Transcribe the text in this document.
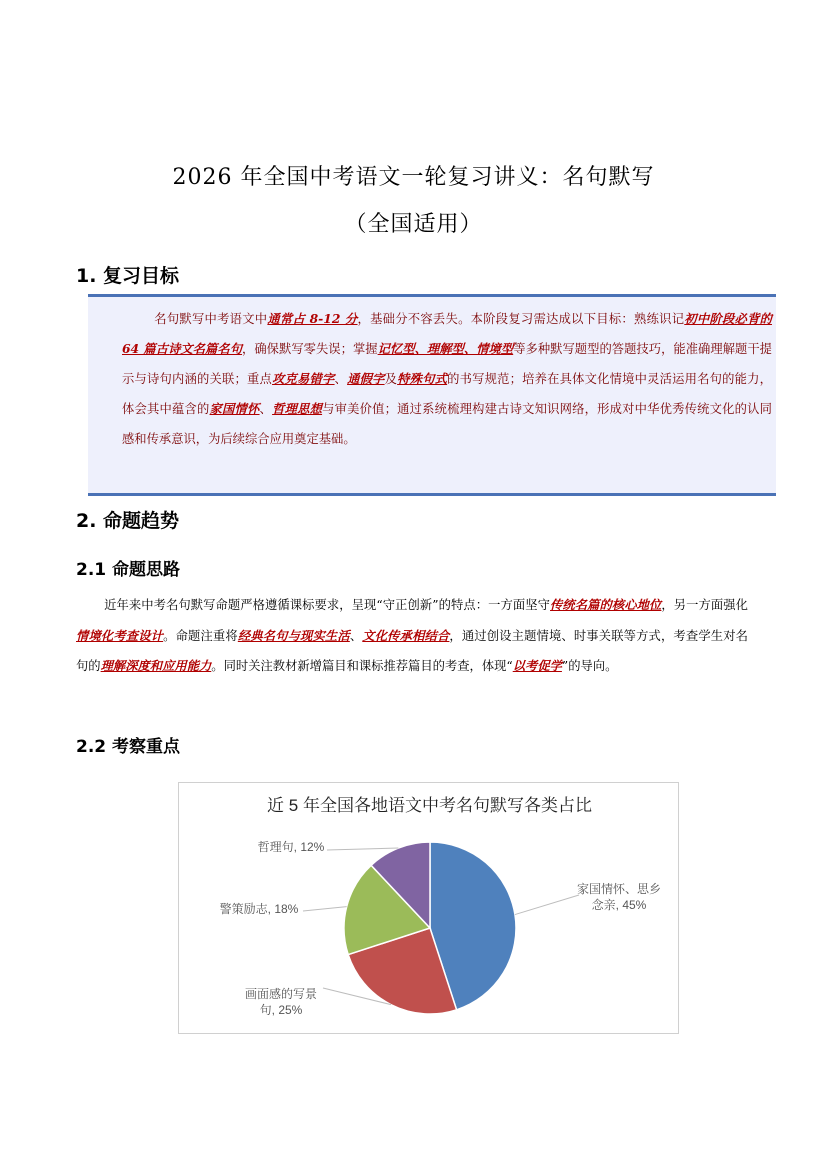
2026 年全国中考语文一轮复习讲义：名句默写
（全国适用）
1. 复习目标
名句默写中考语文中通常占 8-12 分，基础分不容丢失。本阶段复习需达成以下目标：熟练识记初中阶段必背的 64 篇古诗文名篇名句，确保默写零失误；掌握记忆型、理解型、情境型等多种默写题型的答题技巧，能准确理解题干提示与诗句内涵的关联；重点攻克易错字、通假字及特殊句式的书写规范；培养在具体文化情境中灵活运用名句的能力，体会其中蕴含的家国情怀、哲理思想与审美价值；通过系统梳理构建古诗文知识网络，形成对中华优秀传统文化的认同感和传承意识，为后续综合应用奠定基础。
2. 命题趋势
2.1 命题思路
近年来中考名句默写命题严格遵循课标要求，呈现“守正创新”的特点：一方面坚守传统名篇的核心地位，另一方面强化情境化考查设计。命题注重将经典名句与现实生活、文化传承相结合，通过创设主题情境、时事关联等方式，考查学生对名句的理解深度和应用能力。同时关注教材新增篇目和课标推荐篇目的考查，体现“以考促学”的导向。
2.2 考察重点
近 5 年全国各地语文中考名句默写各类占比
家国情怀、思乡念亲, 45%
画面感的写景句, 25%
警策励志, 18%
哲理句, 12%
